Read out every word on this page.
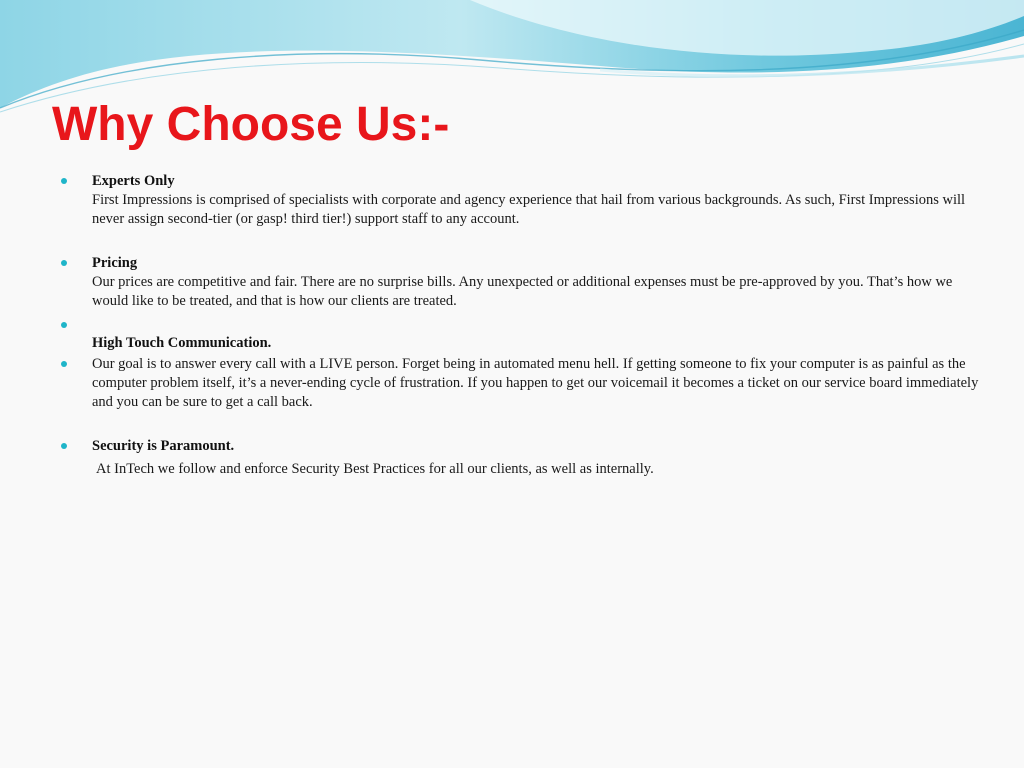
Why Choose Us:-
Experts Only
First Impressions is comprised of specialists with corporate and agency experience that hail from various backgrounds. As such, First Impressions will never assign second-tier (or gasp! third tier!) support staff to any account.
Pricing
Our prices are competitive and fair. There are no surprise bills. Any unexpected or additional expenses must be pre-approved by you. That’s how we would like to be treated, and that is how our clients are treated.
High Touch Communication.
Our goal is to answer every call with a LIVE person. Forget being in automated menu hell. If getting someone to fix your computer is as painful as the computer problem itself, it’s a never-ending cycle of frustration. If you happen to get our voicemail it becomes a ticket on our service board immediately and you can be sure to get a call back.
Security is Paramount.
At InTech we follow and enforce Security Best Practices for all our clients, as well as internally.
